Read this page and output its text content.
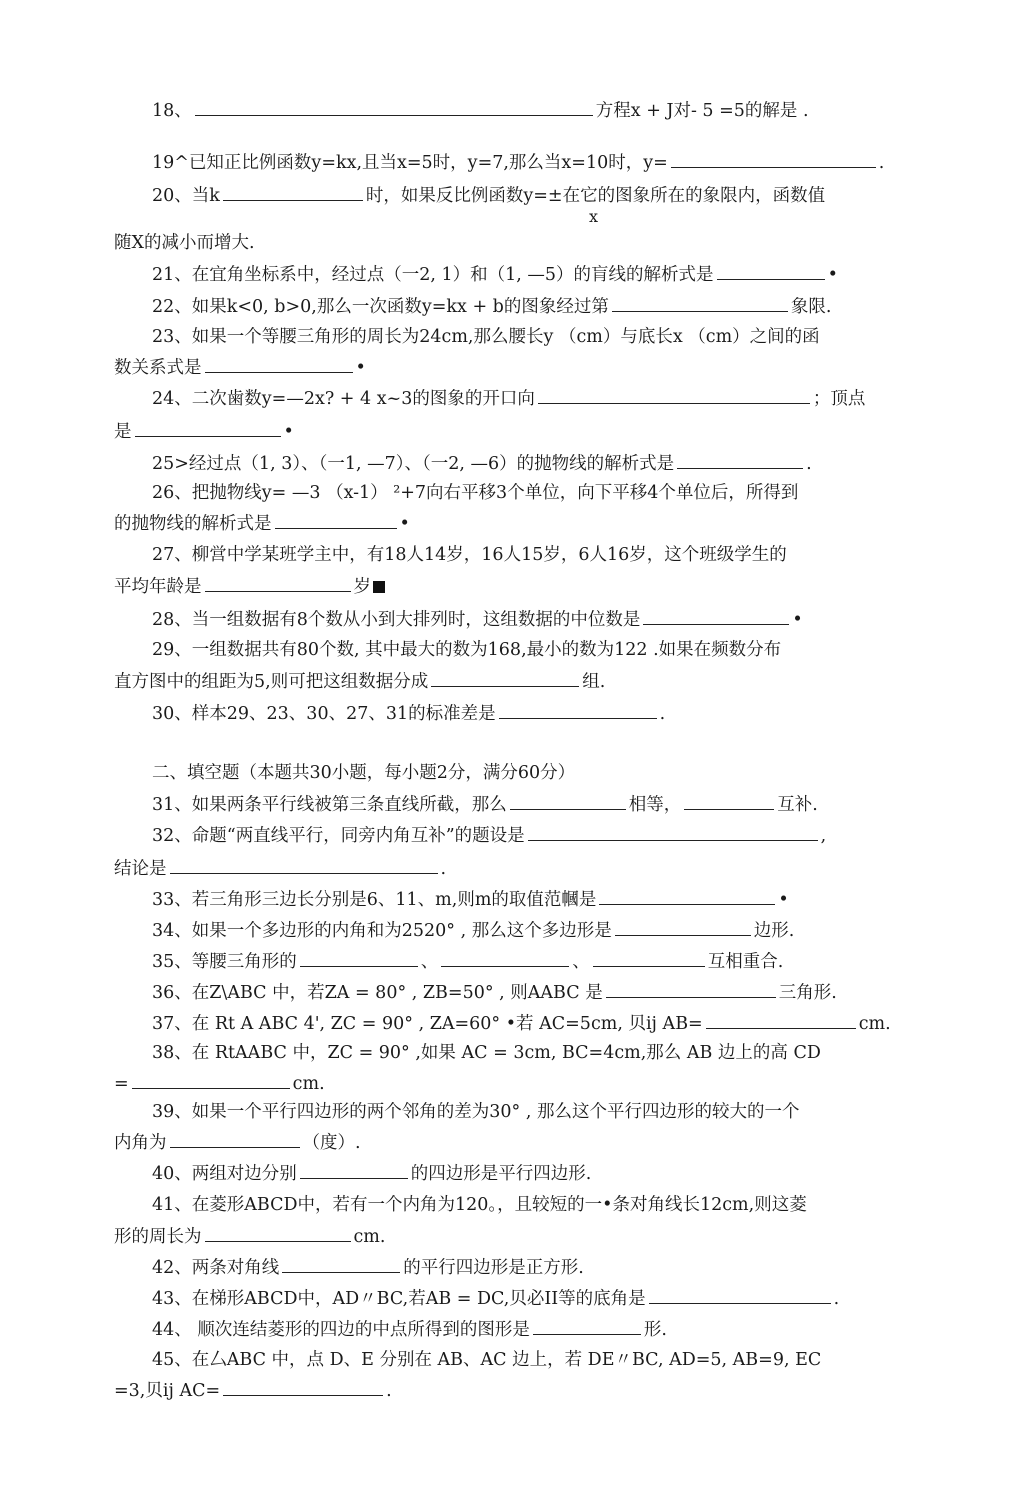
18、	方程x + J对- 5 =5的解是 .
19^已知正比例函数y=kx,且当x=5时，y=7,那么当x=10时，y=	.
20、当k	时，如果反比例函数y=±在它的图象所在的象限内，函数值
x
随X的减小而增大.
21、在宜角坐标系中，经过点（一2, 1）和（1, —5）的肓线的解析式是	•
22、如果k<0, b>0,那么一次函数y=kx + b的图象经过第	象限.
23、如果一个等腰三角形的周长为24cm,那么腰长y （cm）与底长x （cm）之间的函
数关系式是	•
24、二次歯数y=—2x? + 4 x~3的图象的开口向	；顶点
是	•
25>经过点（1, 3）、（一1, —7）、（一2, —6）的抛物线的解析式是	.
26、把抛物线y= —3 （x-1） ²+7向右平移3个单位，向下平移4个单位后，所得到
的抛物线的解析式是	•
27、柳営中学某班学主中，有18人14岁，16人15岁，6人16岁，这个班级学生的
平均年龄是	岁
28、当一组数据有8个数从小到大排列时，这组数据的中位数是	•
29、一组数据共有80个数, 其中最大的数为168,最小的数为122 .如果在频数分布
直方图中的组距为5,则可把这组数据分成	组.
30、样本29、23、30、27、31的标准差是	.
二、填空题（本题共30小题，每小题2分，满分60分）
31、如果两条平行线被第三条直线所截，那么	相等，	互补.
32、命题“两直线平行，同旁内角互补”的题设是	,
结论是	.
33、若三角形三边长分别是6、11、m,则m的取值范幗是	•
34、如果一个多边形的内角和为2520° , 那么这个多边形是	边形.
35、等腰三角形的	、	、	互相重合.
36、在Z\ABC 中，若ZA = 80° , ZB=50° , 则AABC 是	三角形.
37、在 Rt A ABC 4', ZC = 90° , ZA=60° •若 AC=5cm, 贝ij AB=	cm.
38、在 RtAABC 中，ZC = 90° ,如果 AC = 3cm, BC=4cm,那么 AB 边上的高 CD
=	cm.
39、如果一个平行四边形的两个邻角的差为30° , 那么这个平行四边形的较大的一个
内角为	（度）.
40、两组对边分别	的四边形是平行四边形.
41、在菱形ABCD中，若有一个内角为120。，且较短的一•条对角线长12cm,则这菱
形的周长为	cm.
42、两条对角线	的平行四边形是正方形.
43、在梯形ABCD中，AD〃BC,若AB = DC,贝必II等的底角是	.
44、 顺次连结菱形的四边的中点所得到的图形是	形.
45、在厶ABC 中，点 D、E 分别在 AB、AC 边上，若 DE〃BC, AD=5, AB=9, EC
=3,贝ij AC=	.
